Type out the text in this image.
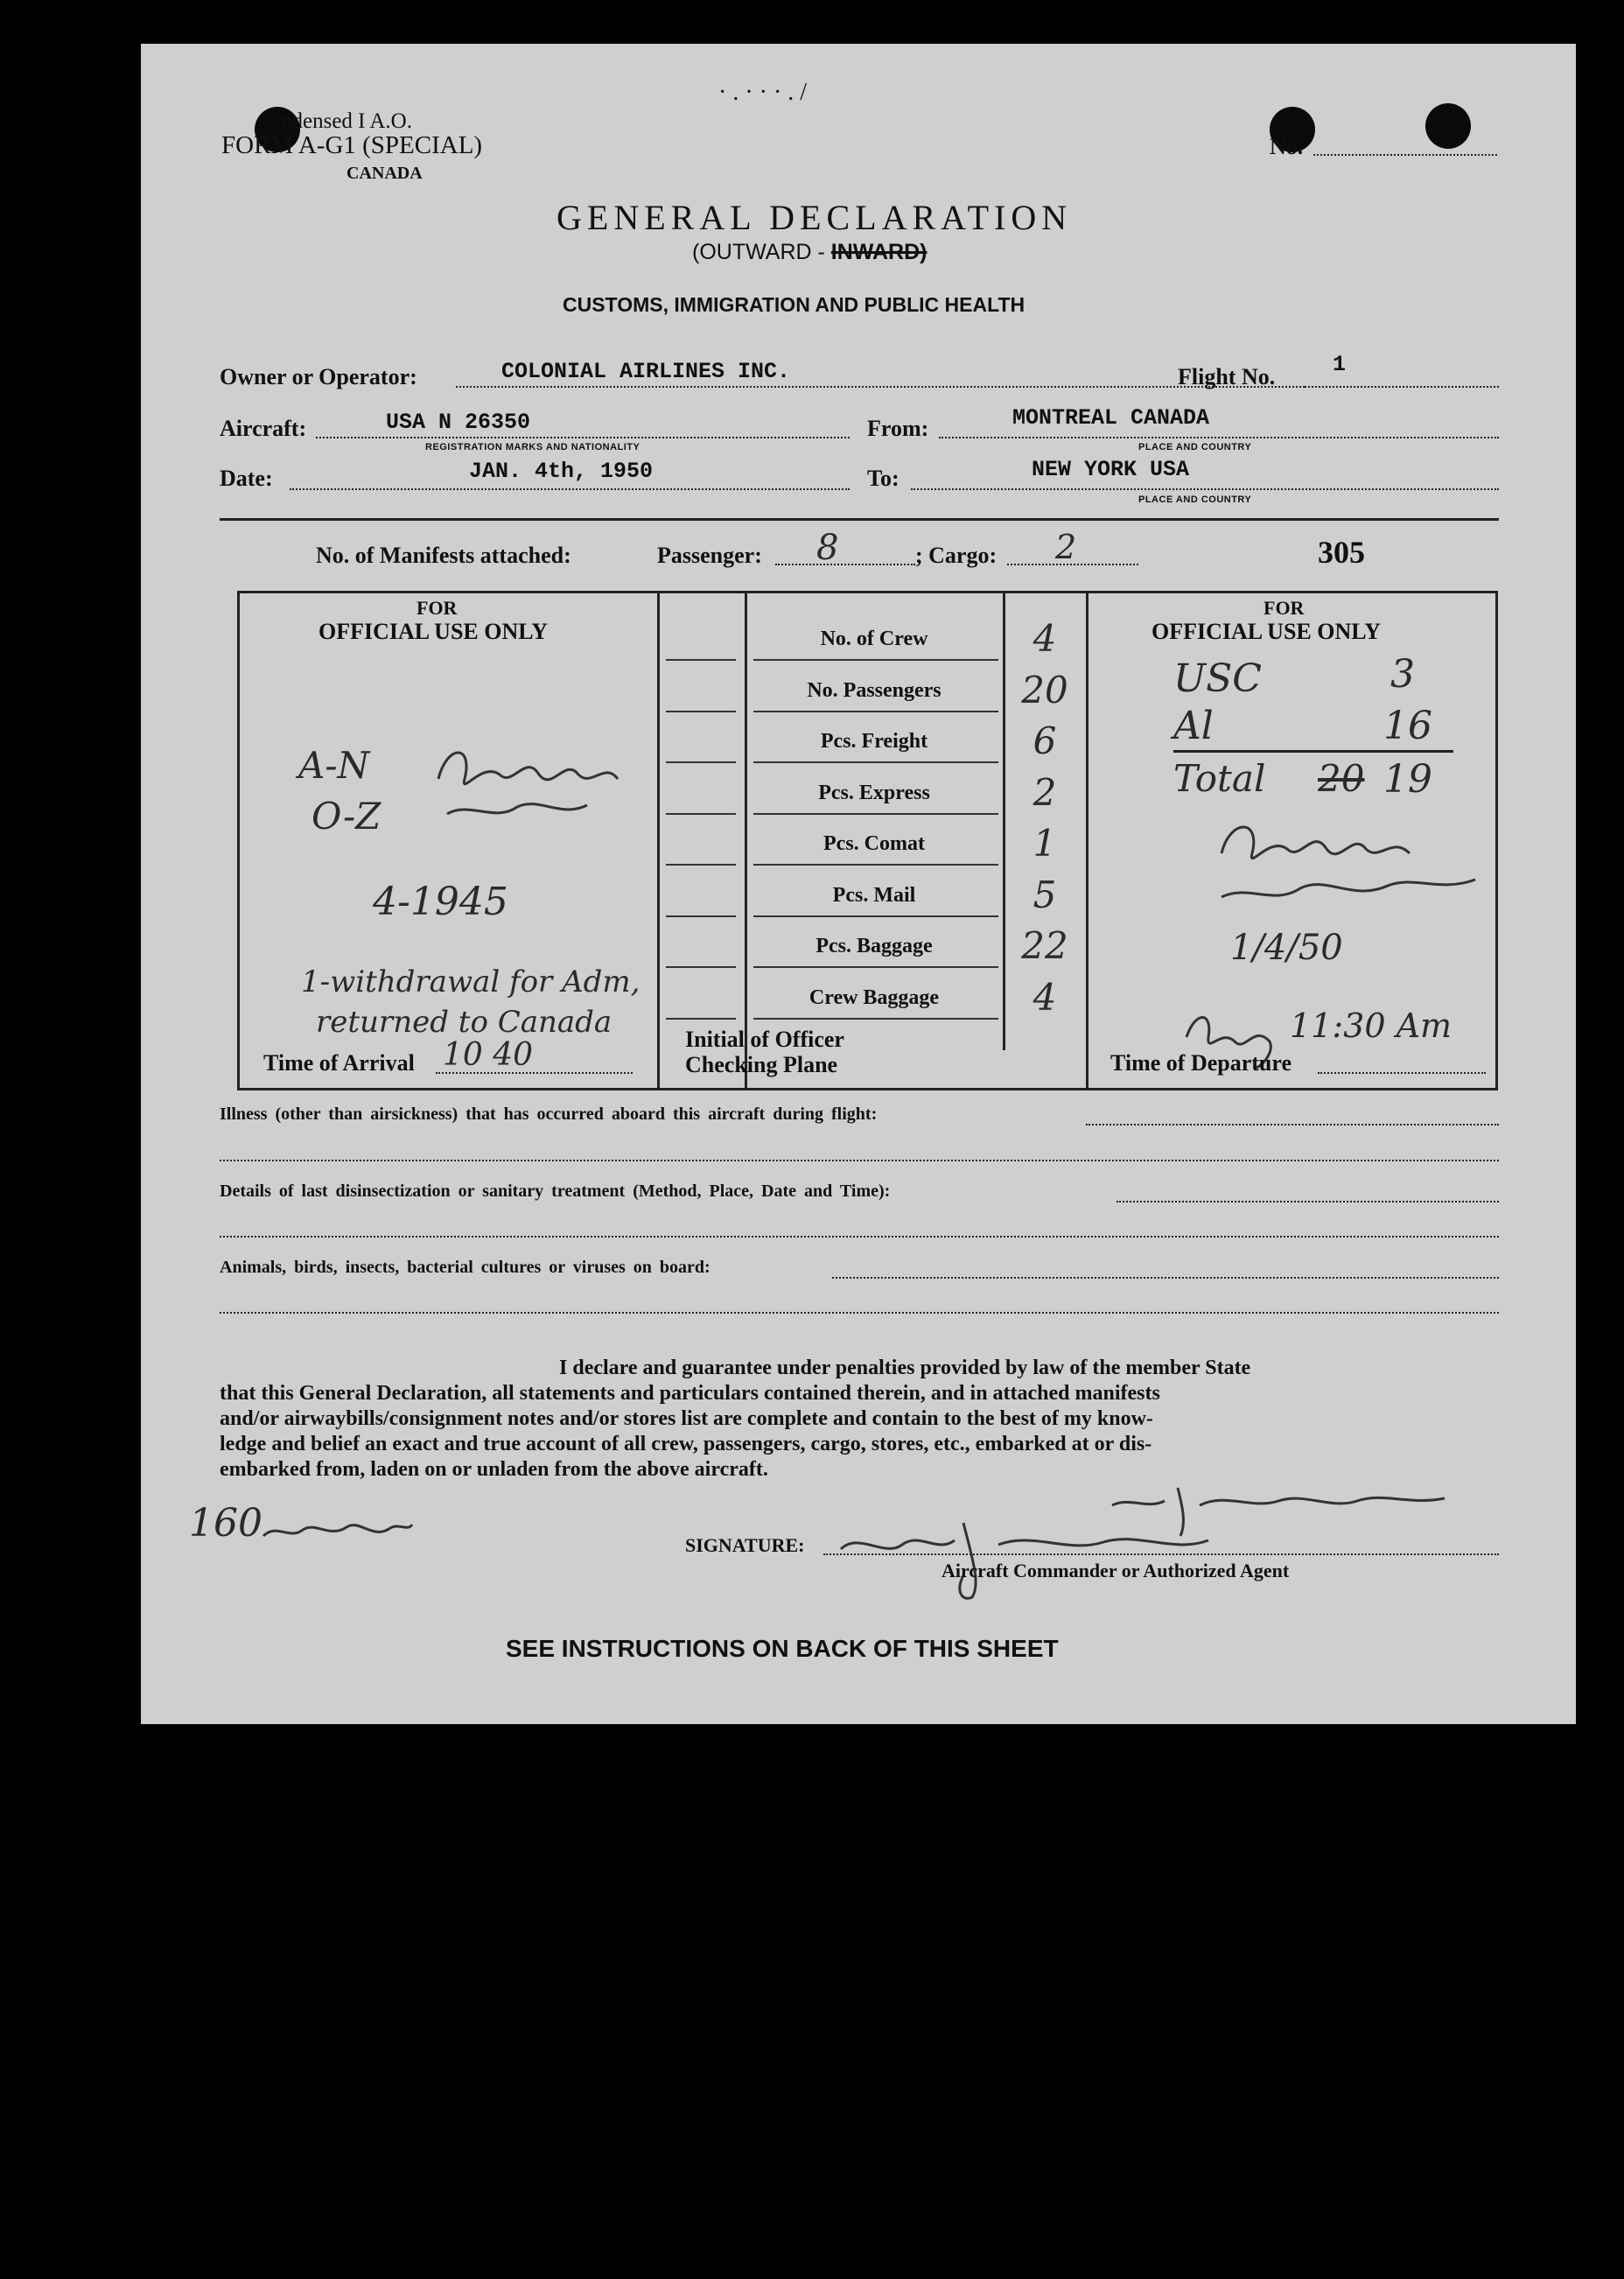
ndensed I A.O.
FORM A-G1 (SPECIAL)
CANADA
· . · · · . /
No.
GENERAL DECLARATION
(OUTWARD - INWARD)
CUSTOMS, IMMIGRATION AND PUBLIC HEALTH
Owner or Operator:	COLONIAL AIRLINES INC.	Flight No.	1
Aircraft:	USA N 26350
REGISTRATION MARKS AND NATIONALITY
From:	MONTREAL CANADA
PLACE AND COUNTRY
Date:	JAN. 4th, 1950	To:	NEW YORK USA
PLACE AND COUNTRY
No. of Manifests attached:	Passenger: 8	; Cargo: 2	305
FOR
OFFICIAL USE ONLY
FOR
OFFICIAL USE ONLY
A-N
O-Z
4-1945
1-withdrawal for Adm,
returned to Canada
Time of Arrival 10 40	Initial of Officer
Checking Plane
USC	3
Al	16
Total 20 19
1/4/50
11:30 Am
Time of Departure
Illness (other than airsickness) that has occurred aboard this aircraft during flight:
Details of last disinsectization or sanitary treatment (Method, Place, Date and Time):
Animals, birds, insects, bacterial cultures or viruses on board:
I declare and guarantee under penalties provided by law of the member State
that this General Declaration, all statements and particulars contained therein, and in attached manifests
and/or airwaybills/consignment notes and/or stores list are complete and contain to the best of my know-
ledge and belief an exact and true account of all crew, passengers, cargo, stores, etc., embarked at or dis-
embarked from, laden on or unladen from the above aircraft.
160	SIGNATURE:
Aircraft Commander or Authorized Agent
SEE INSTRUCTIONS ON BACK OF THIS SHEET
No. of Crew	4
No. Passengers	20
Pcs. Freight	6
Pcs. Express	2
Pcs. Comat	1
Pcs. Mail	5
Pcs. Baggage	22
Crew Baggage	4
